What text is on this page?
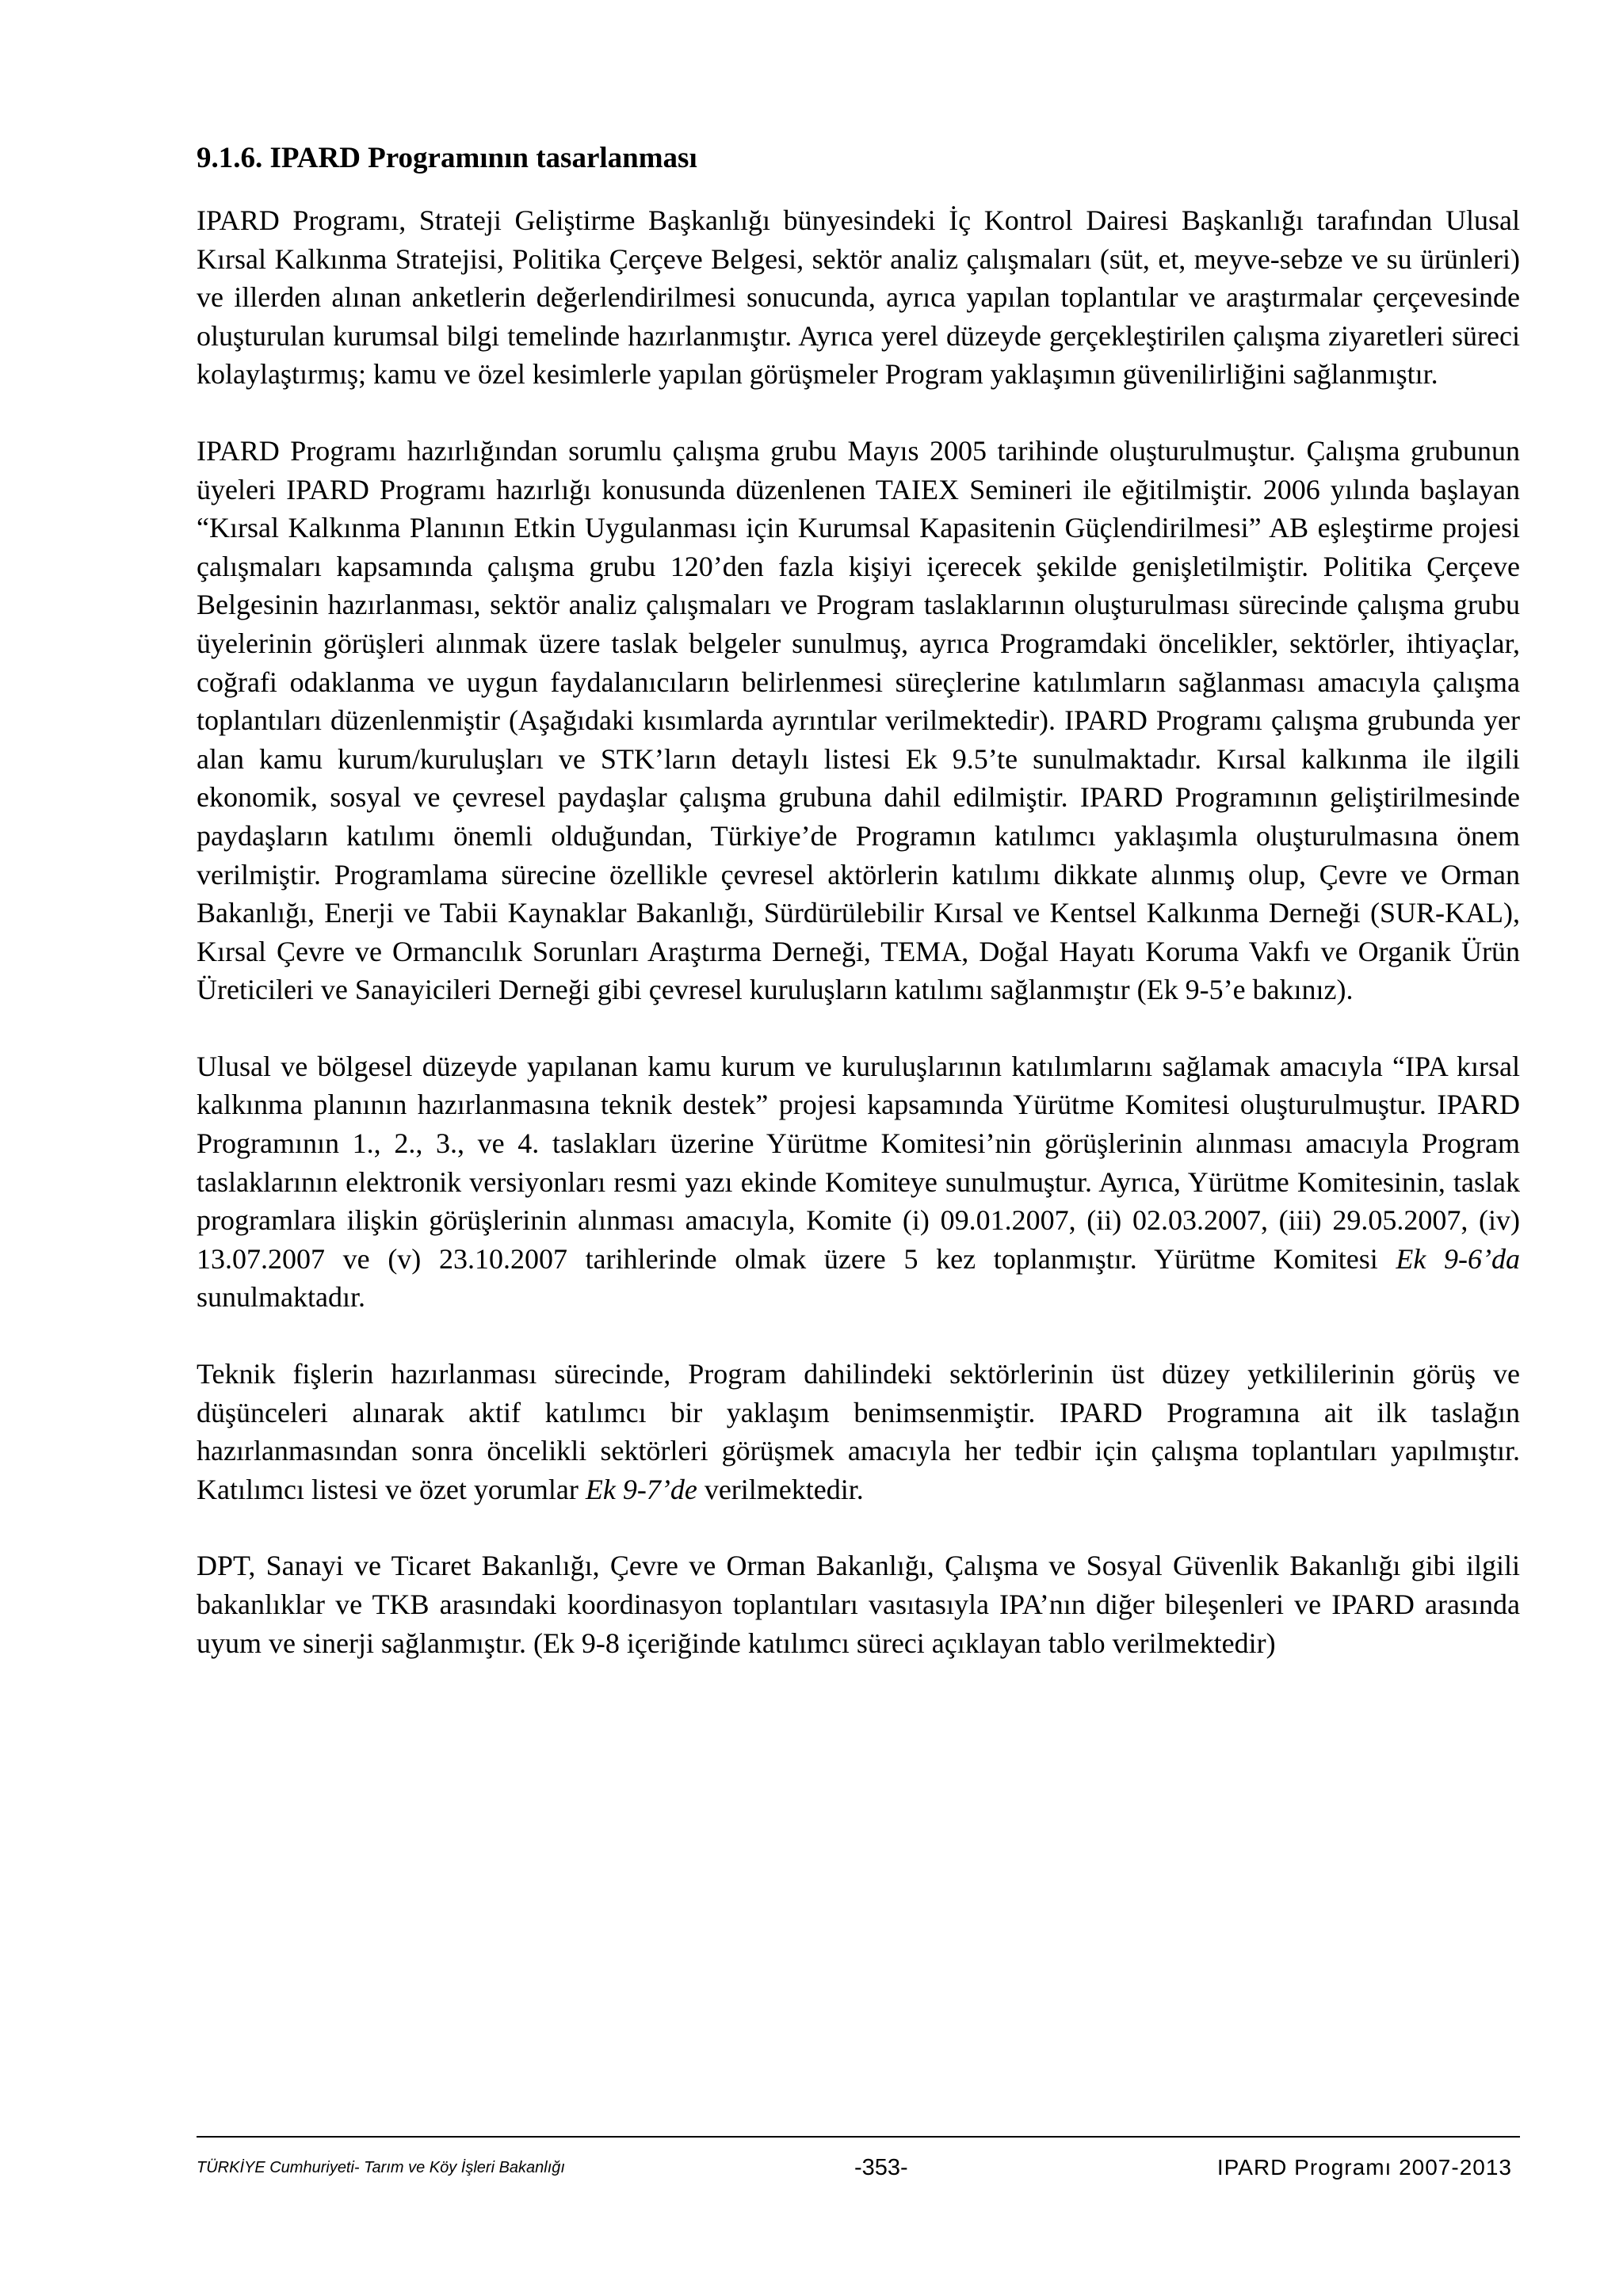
9.1.6. IPARD Programının tasarlanması

IPARD Programı, Strateji Geliştirme Başkanlığı bünyesindeki İç Kontrol Dairesi Başkanlığı tarafından Ulusal Kırsal Kalkınma Stratejisi, Politika Çerçeve Belgesi, sektör analiz çalışmaları (süt, et, meyve-sebze ve su ürünleri) ve illerden alınan anketlerin değerlendirilmesi sonucunda, ayrıca yapılan toplantılar ve araştırmalar çerçevesinde oluşturulan kurumsal bilgi temelinde hazırlanmıştır. Ayrıca yerel düzeyde gerçekleştirilen çalışma ziyaretleri süreci kolaylaştırmış; kamu ve özel kesimlerle yapılan görüşmeler Program yaklaşımın güvenilirliğini sağlanmıştır.

IPARD Programı hazırlığından sorumlu çalışma grubu Mayıs 2005 tarihinde oluşturulmuştur. Çalışma grubunun üyeleri IPARD Programı hazırlığı konusunda düzenlenen TAIEX Semineri ile eğitilmiştir. 2006 yılında başlayan “Kırsal Kalkınma Planının Etkin Uygulanması için Kurumsal Kapasitenin Güçlendirilmesi” AB eşleştirme projesi çalışmaları kapsamında çalışma grubu 120’den fazla kişiyi içerecek şekilde genişletilmiştir. Politika Çerçeve Belgesinin hazırlanması, sektör analiz çalışmaları ve Program taslaklarının oluşturulması sürecinde çalışma grubu üyelerinin görüşleri alınmak üzere taslak belgeler sunulmuş, ayrıca Programdaki öncelikler, sektörler, ihtiyaçlar, coğrafi odaklanma ve uygun faydalanıcıların belirlenmesi süreçlerine katılımların sağlanması amacıyla çalışma toplantıları düzenlenmiştir (Aşağıdaki kısımlarda ayrıntılar verilmektedir). IPARD Programı çalışma grubunda yer alan kamu kurum/kuruluşları ve STK’ların detaylı listesi Ek 9.5’te sunulmaktadır. Kırsal kalkınma ile ilgili ekonomik, sosyal ve çevresel paydaşlar çalışma grubuna dahil edilmiştir. IPARD Programının geliştirilmesinde paydaşların katılımı önemli olduğundan, Türkiye’de Programın katılımcı yaklaşımla oluşturulmasına önem verilmiştir. Programlama sürecine özellikle çevresel aktörlerin katılımı dikkate alınmış olup, Çevre ve Orman Bakanlığı, Enerji ve Tabii Kaynaklar Bakanlığı, Sürdürülebilir Kırsal ve Kentsel Kalkınma Derneği (SUR-KAL), Kırsal Çevre ve Ormancılık Sorunları Araştırma Derneği, TEMA, Doğal Hayatı Koruma Vakfı ve Organik Ürün Üreticileri ve Sanayicileri Derneği gibi çevresel kuruluşların katılımı sağlanmıştır (Ek 9-5’e bakınız).

Ulusal ve bölgesel düzeyde yapılanan kamu kurum ve kuruluşlarının katılımlarını sağlamak amacıyla “IPA kırsal kalkınma planının hazırlanmasına teknik destek” projesi kapsamında Yürütme Komitesi oluşturulmuştur. IPARD Programının 1., 2., 3., ve 4. taslakları üzerine Yürütme Komitesi’nin görüşlerinin alınması amacıyla Program taslaklarının elektronik versiyonları resmi yazı ekinde Komiteye sunulmuştur. Ayrıca, Yürütme Komitesinin, taslak programlara ilişkin görüşlerinin alınması amacıyla, Komite (i) 09.01.2007, (ii) 02.03.2007, (iii) 29.05.2007, (iv) 13.07.2007 ve (v) 23.10.2007 tarihlerinde olmak üzere 5 kez toplanmıştır. Yürütme Komitesi Ek 9-6’da sunulmaktadır.

Teknik fişlerin hazırlanması sürecinde, Program dahilindeki sektörlerinin üst düzey yetkililerinin görüş ve düşünceleri alınarak aktif katılımcı bir yaklaşım benimsenmiştir. IPARD Programına ait ilk taslağın hazırlanmasından sonra öncelikli sektörleri görüşmek amacıyla her tedbir için çalışma toplantıları yapılmıştır. Katılımcı listesi ve özet yorumlar Ek 9-7’de verilmektedir.

DPT, Sanayi ve Ticaret Bakanlığı, Çevre ve Orman Bakanlığı, Çalışma ve Sosyal Güvenlik Bakanlığı gibi ilgili bakanlıklar ve TKB arasındaki koordinasyon toplantıları vasıtasıyla IPA’nın diğer bileşenleri ve IPARD arasında uyum ve sinerji sağlanmıştır. (Ek 9-8 içeriğinde katılımcı süreci açıklayan tablo verilmektedir)

TÜRKİYE Cumhuriyeti- Tarım ve Köy İşleri Bakanlığı	-353-	IPARD Programı 2007-2013
